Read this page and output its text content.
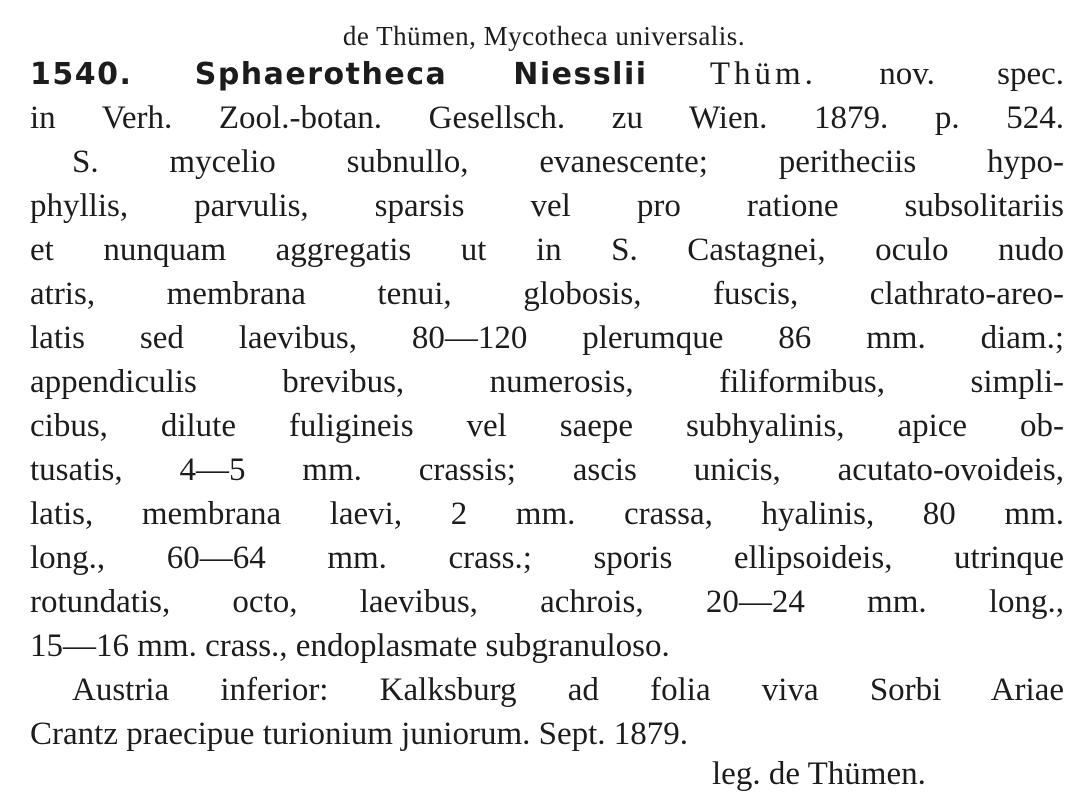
de Thümen, Mycotheca universalis.
1540. Sphaerotheca Niesslii Thüm. nov. spec.
in Verh. Zool.-botan. Gesellsch. zu Wien. 1879. p. 524.
S. mycelio subnullo, evanescente; peritheciis hypo-
phyllis, parvulis, sparsis vel pro ratione subsolitariis
et nunquam aggregatis ut in S. Castagnei, oculo nudo
atris, membrana tenui, globosis, fuscis, clathrato-areo-
latis sed laevibus, 80—120 plerumque 86 mm. diam.;
appendiculis brevibus, numerosis, filiformibus, simpli-
cibus, dilute fuligineis vel saepe subhyalinis, apice ob-
tusatis, 4—5 mm. crassis; ascis unicis, acutato-ovoideis,
latis, membrana laevi, 2 mm. crassa, hyalinis, 80 mm.
long., 60—64 mm. crass.; sporis ellipsoideis, utrinque
rotundatis, octo, laevibus, achrois, 20—24 mm. long.,
15—16 mm. crass., endoplasmate subgranuloso.
Austria inferior: Kalksburg ad folia viva Sorbi Ariae
Crantz praecipue turionium juniorum. Sept. 1879.
leg. de Thümen.
